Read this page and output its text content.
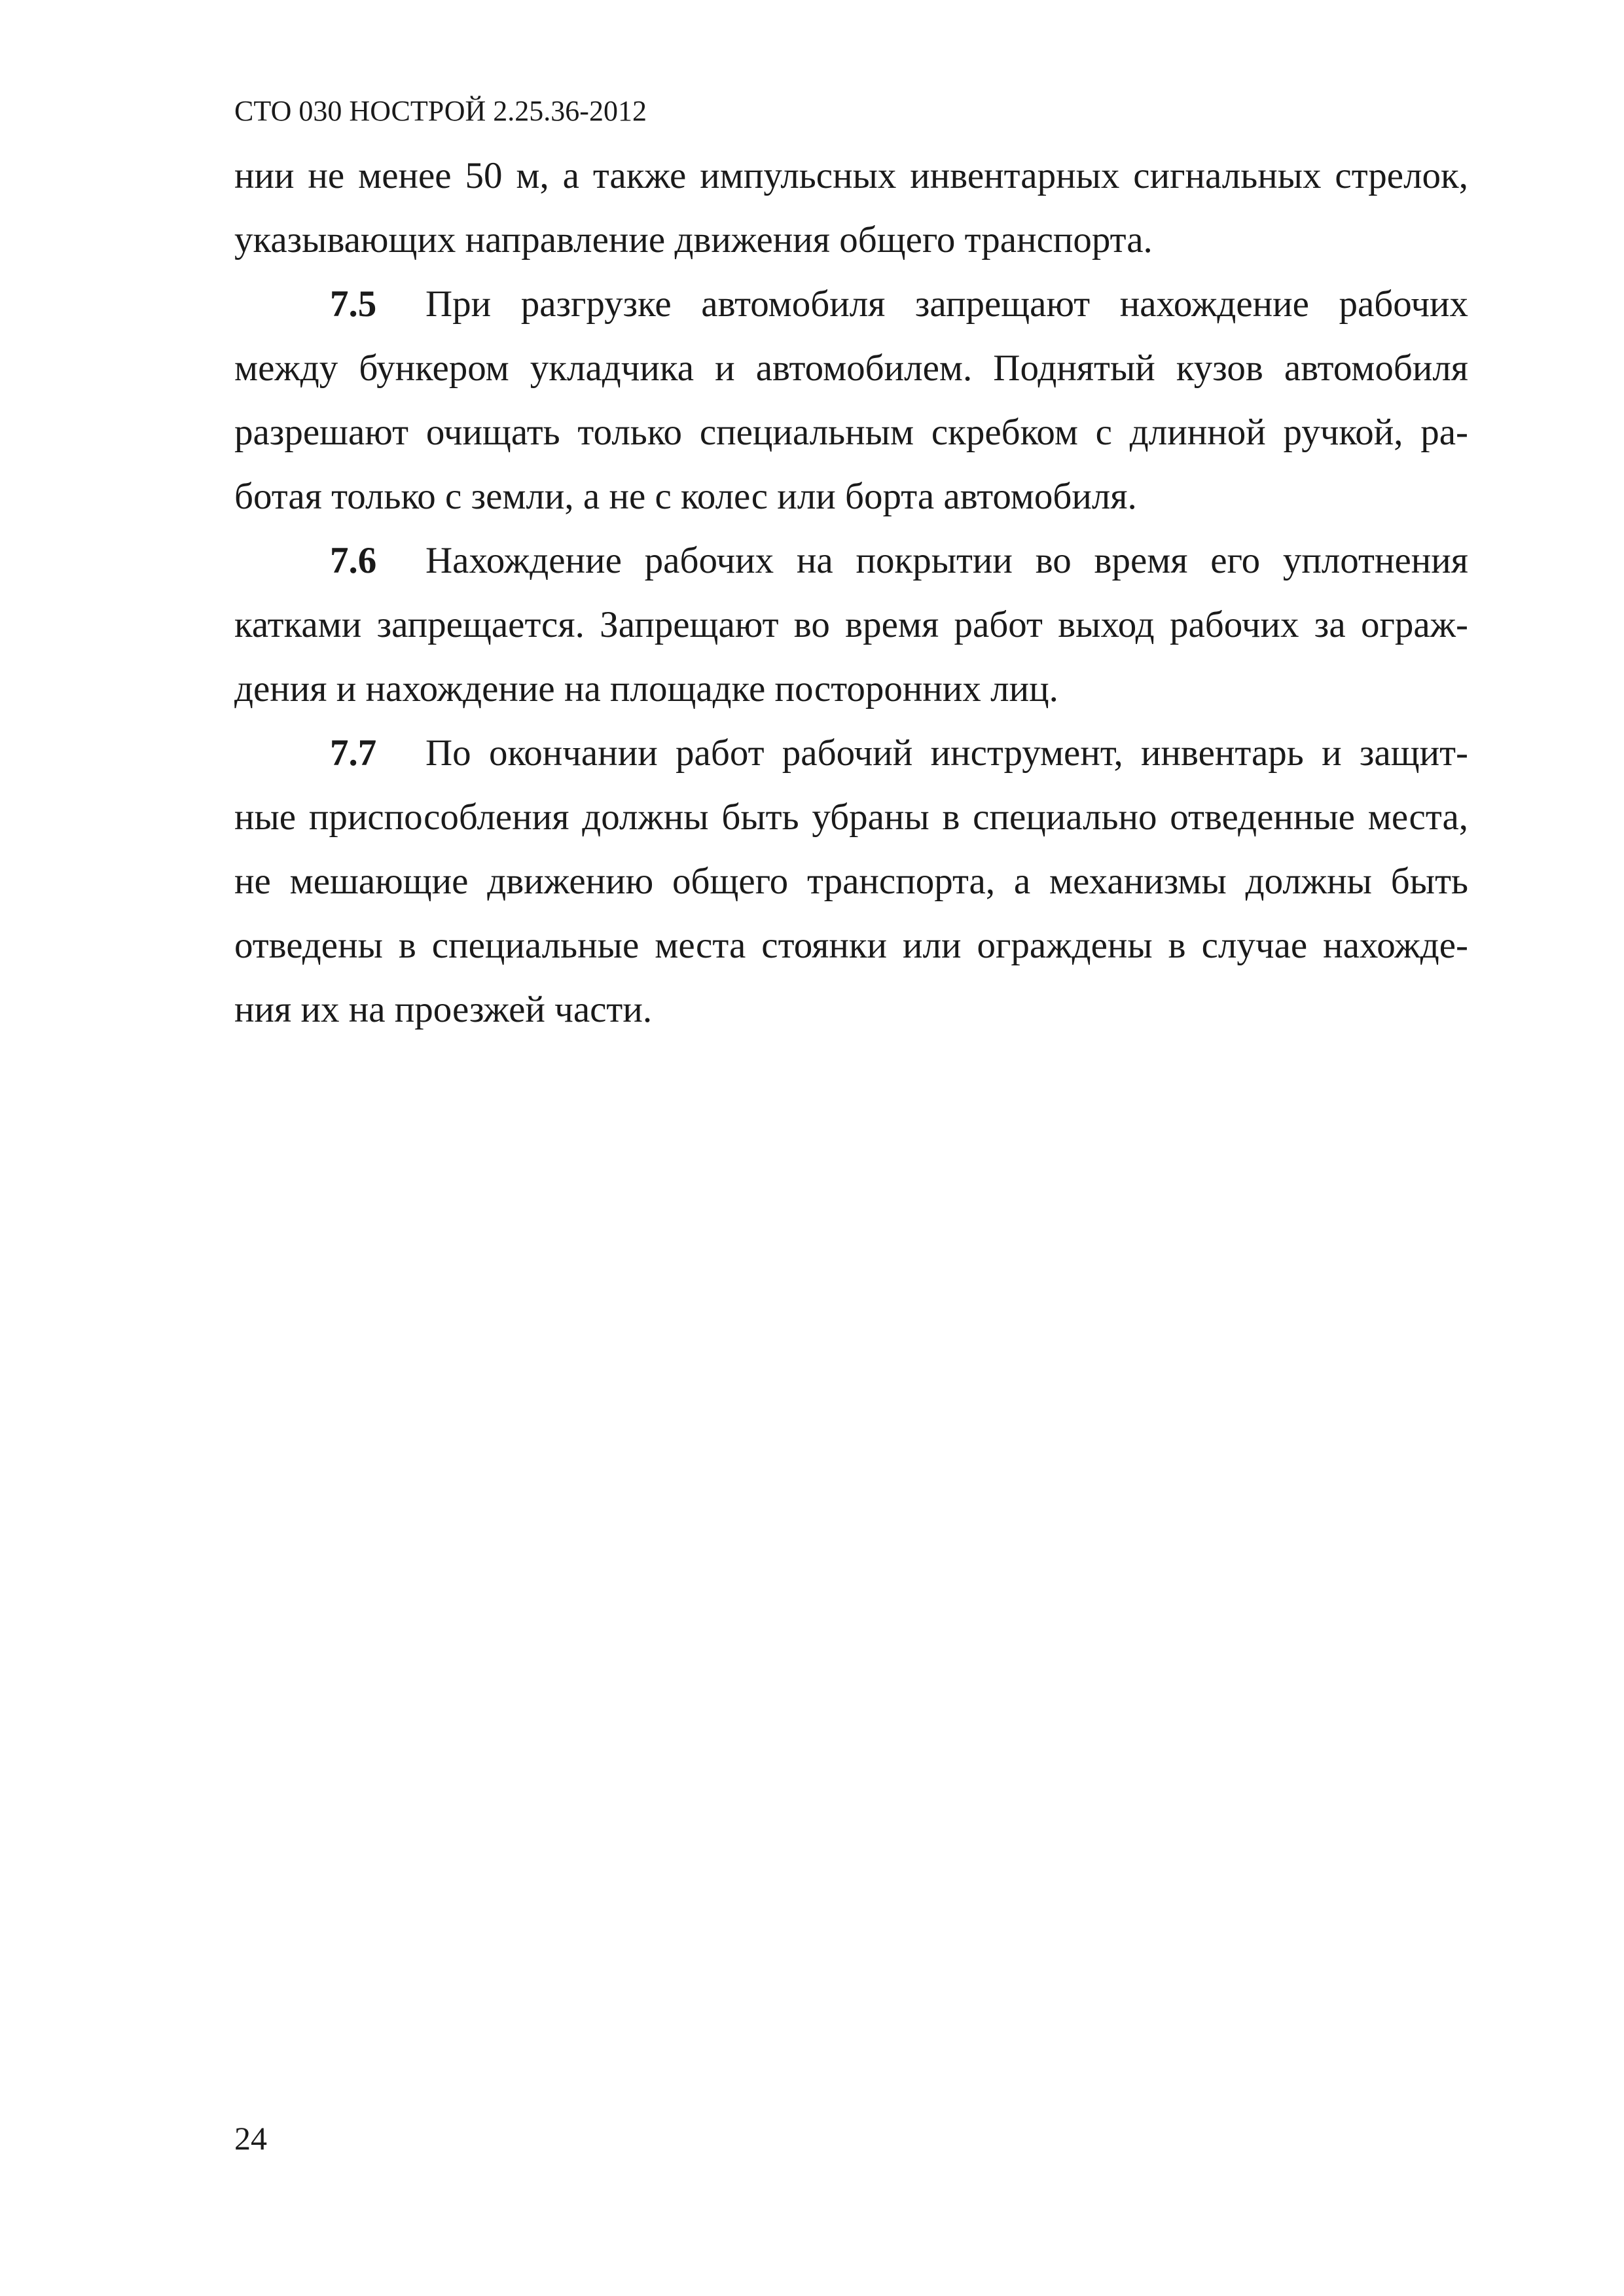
СТО 030 НОСТРОЙ 2.25.36-2012
нии не менее 50 м, а также импульсных инвентарных сигнальных стрелок,
указывающих направление движения общего транспорта.
7.5 При разгрузке автомобиля запрещают нахождение рабочих
между бункером укладчика и автомобилем. Поднятый кузов автомобиля
разрешают очищать только специальным скребком с длинной ручкой, ра-
ботая только с земли, а не с колес или борта автомобиля.
7.6 Нахождение рабочих на покрытии во время его уплотнения
катками запрещается. Запрещают во время работ выход рабочих за ограж-
дения и нахождение на площадке посторонних лиц.
7.7 По окончании работ рабочий инструмент, инвентарь и защит-
ные приспособления должны быть убраны в специально отведенные места,
не мешающие движению общего транспорта, а механизмы должны быть
отведены в специальные места стоянки или ограждены в случае нахожде-
ния их на проезжей части.
24
